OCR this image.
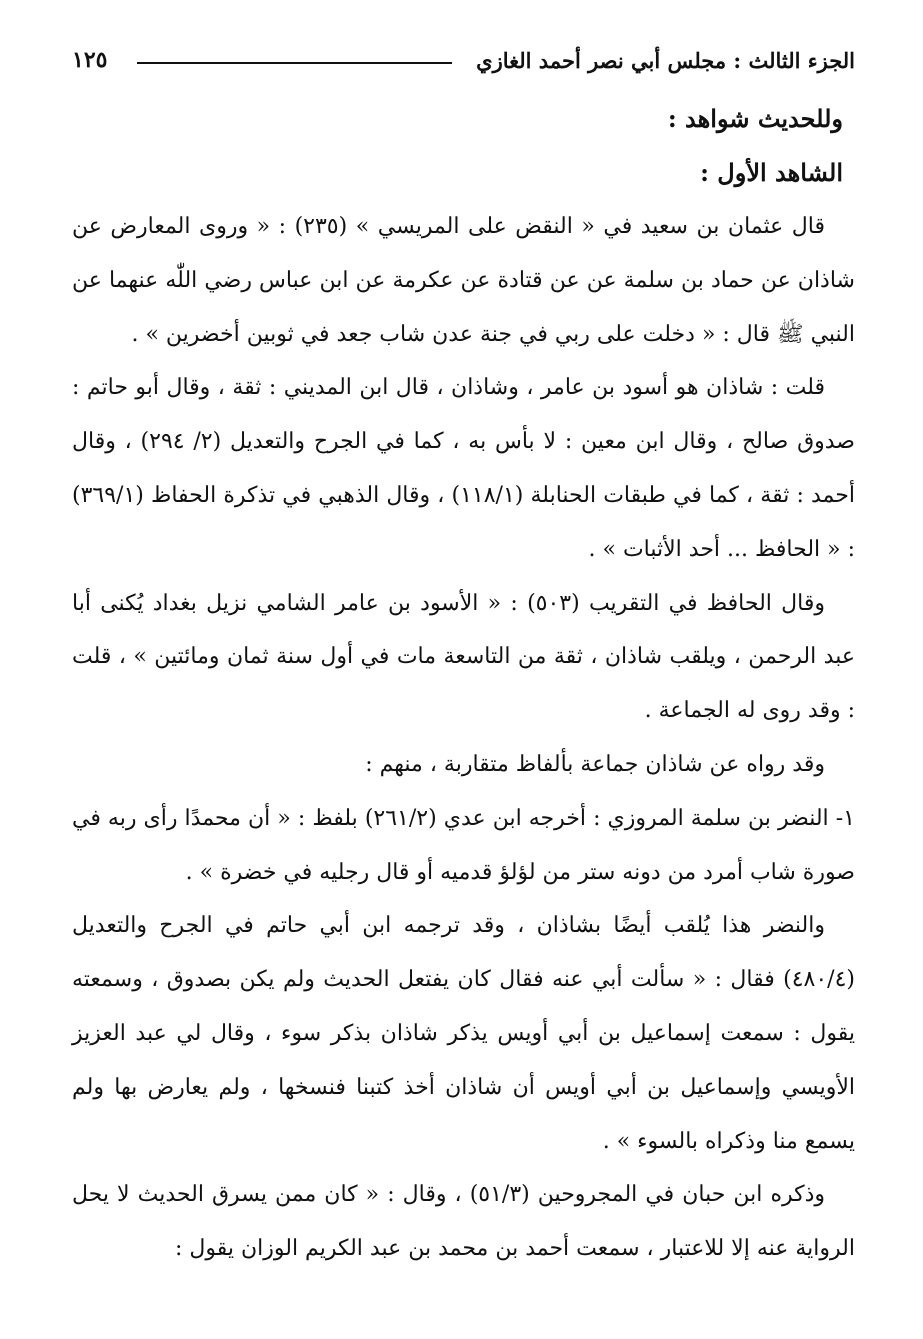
الجزء الثالث : مجلس أبي نصر أحمد الغازي
١٢٥
وللحديث شواهد :
الشاهد الأول :

قال عثمان بن سعيد في « النقض على المريسي » (٢٣٥) : « وروى المعارض عن شاذان عن حماد بن سلمة عن عن قتادة عن عكرمة عن ابن عباس رضي اللّٰه عنهما عن النبي ﷺ قال : « دخلت على ربي في جنة عدن شاب جعد في ثوبين أخضرين » .

قلت : شاذان هو أسود بن عامر ، وشاذان ، قال ابن المديني : ثقة ، وقال أبو حاتم : صدوق صالح ، وقال ابن معين : لا بأس به ، كما في الجرح والتعديل (٢/ ٢٩٤) ، وقال أحمد : ثقة ، كما في طبقات الحنابلة (١١٨/١) ، وقال الذهبي في تذكرة الحفاظ (٣٦٩/١) : « الحافظ ... أحد الأثبات » .

وقال الحافظ في التقريب (٥٠٣) : « الأسود بن عامر الشامي نزيل بغداد يُكنى أبا عبد الرحمن ، ويلقب شاذان ، ثقة من التاسعة مات في أول سنة ثمان ومائتين » ، قلت : وقد روى له الجماعة .

وقد رواه عن شاذان جماعة بألفاظ متقاربة ، منهم :

١- النضر بن سلمة المروزي : أخرجه ابن عدي (٢٦١/٢) بلفظ : « أن محمدًا رأى ربه في صورة شاب أمرد من دونه ستر من لؤلؤ قدميه أو قال رجليه في خضرة » .

والنضر هذا يُلقب أيضًا بشاذان ، وقد ترجمه ابن أبي حاتم في الجرح والتعديل (٤٨٠/٤) فقال : « سألت أبي عنه فقال كان يفتعل الحديث ولم يكن بصدوق ، وسمعته يقول : سمعت إسماعيل بن أبي أويس يذكر شاذان بذكر سوء ، وقال لي عبد العزيز الأويسي وإسماعيل بن أبي أويس أن شاذان أخذ كتبنا فنسخها ، ولم يعارض بها ولم يسمع منا وذكراه بالسوء » .

وذكره ابن حبان في المجروحين (٥١/٣) ، وقال : « كان ممن يسرق الحديث لا يحل الرواية عنه إلا للاعتبار ، سمعت أحمد بن محمد بن عبد الكريم الوزان يقول :
